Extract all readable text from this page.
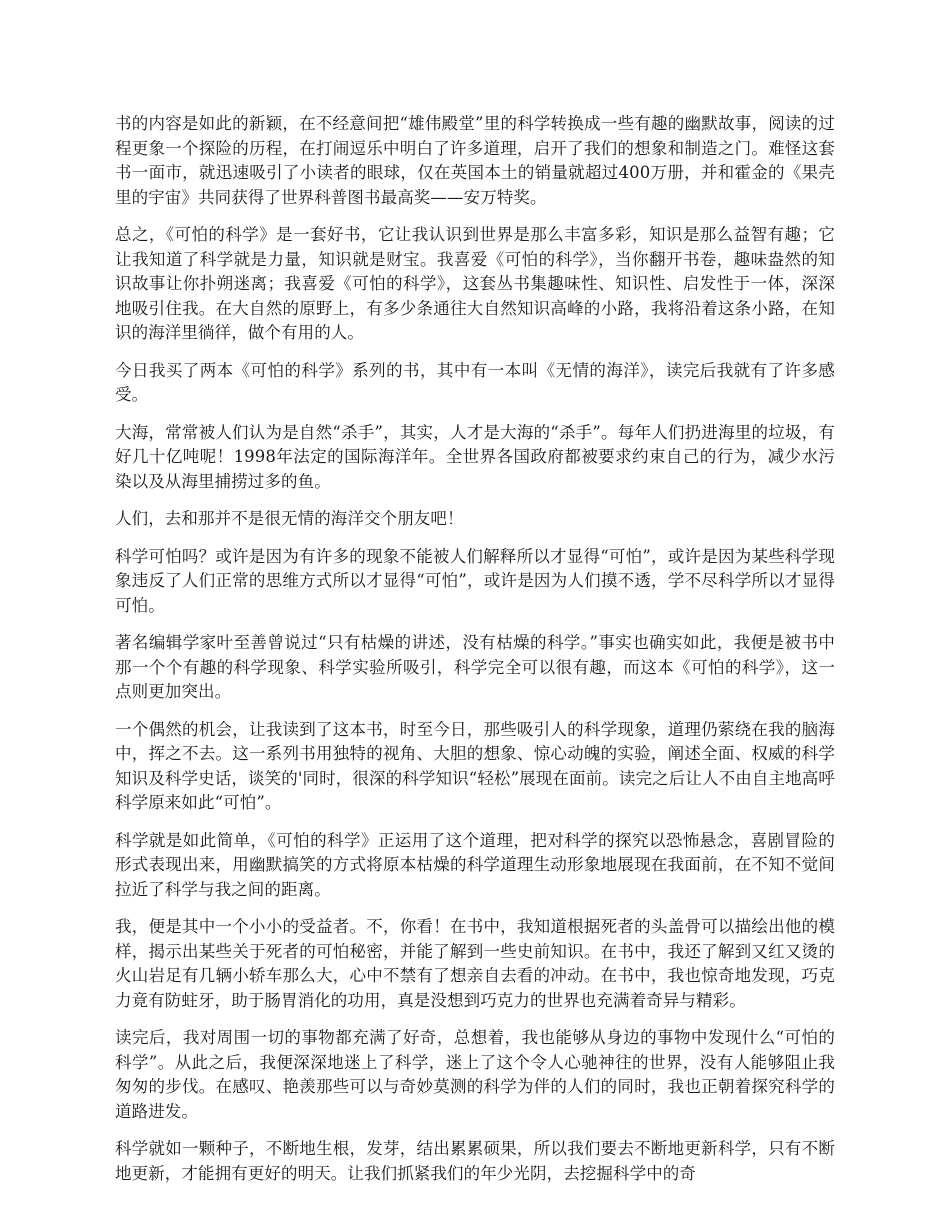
书的内容是如此的新颖，在不经意间把“雄伟殿堂”里的科学转换成一些有趣的幽默故事，阅读的过程更象一个探险的历程，在打闹逗乐中明白了许多道理，启开了我们的想象和制造之门。难怪这套书一面市，就迅速吸引了小读者的眼球，仅在英国本土的销量就超过400万册，并和霍金的《果壳里的宇宙》共同获得了世界科普图书最高奖——安万特奖。

总之，《可怕的科学》是一套好书，它让我认识到世界是那么丰富多彩，知识是那么益智有趣；它让我知道了科学就是力量，知识就是财宝。我喜爱《可怕的科学》，当你翻开书卷，趣味盎然的知识故事让你扑朔迷离；我喜爱《可怕的科学》，这套丛书集趣味性、知识性、启发性于一体，深深地吸引住我。在大自然的原野上，有多少条通往大自然知识高峰的小路，我将沿着这条小路，在知识的海洋里徜徉，做个有用的人。

今日我买了两本《可怕的科学》系列的书，其中有一本叫《无情的海洋》，读完后我就有了许多感受。

大海，常常被人们认为是自然“杀手”，其实，人才是大海的“杀手”。每年人们扔进海里的垃圾，有好几十亿吨呢！1998年法定的国际海洋年。全世界各国政府都被要求约束自己的行为，减少水污染以及从海里捕捞过多的鱼。

人们，去和那并不是很无情的海洋交个朋友吧！

科学可怕吗？或许是因为有许多的现象不能被人们解释所以才显得“可怕”，或许是因为某些科学现象违反了人们正常的思维方式所以才显得“可怕”，或许是因为人们摸不透，学不尽科学所以才显得可怕。

著名编辑学家叶至善曾说过“只有枯燥的讲述，没有枯燥的科学。”事实也确实如此，我便是被书中那一个个有趣的科学现象、科学实验所吸引，科学完全可以很有趣，而这本《可怕的科学》，这一点则更加突出。

一个偶然的机会，让我读到了这本书，时至今日，那些吸引人的科学现象，道理仍萦绕在我的脑海中，挥之不去。这一系列书用独特的视角、大胆的想象、惊心动魄的实验，阐述全面、权威的科学知识及科学史话，谈笑的'同时，很深的科学知识“轻松”展现在面前。读完之后让人不由自主地高呼科学原来如此“可怕”。

科学就是如此简单，《可怕的科学》正运用了这个道理，把对科学的探究以恐怖悬念，喜剧冒险的形式表现出来，用幽默搞笑的方式将原本枯燥的科学道理生动形象地展现在我面前，在不知不觉间拉近了科学与我之间的距离。

我，便是其中一个小小的受益者。不，你看！在书中，我知道根据死者的头盖骨可以描绘出他的模样，揭示出某些关于死者的可怕秘密，并能了解到一些史前知识。在书中，我还了解到又红又烫的火山岩足有几辆小轿车那么大，心中不禁有了想亲自去看的冲动。在书中，我也惊奇地发现，巧克力竟有防蛀牙，助于肠胃消化的功用，真是没想到巧克力的世界也充满着奇异与精彩。

读完后，我对周围一切的事物都充满了好奇，总想着，我也能够从身边的事物中发现什么“可怕的科学”。从此之后，我便深深地迷上了科学，迷上了这个令人心驰神往的世界，没有人能够阻止我匆匆的步伐。在感叹、艳羡那些可以与奇妙莫测的科学为伴的人们的同时，我也正朝着探究科学的道路进发。

科学就如一颗种子，不断地生根，发芽，结出累累硕果，所以我们要去不断地更新科学，只有不断地更新，才能拥有更好的明天。让我们抓紧我们的年少光阴，去挖掘科学中的奇
